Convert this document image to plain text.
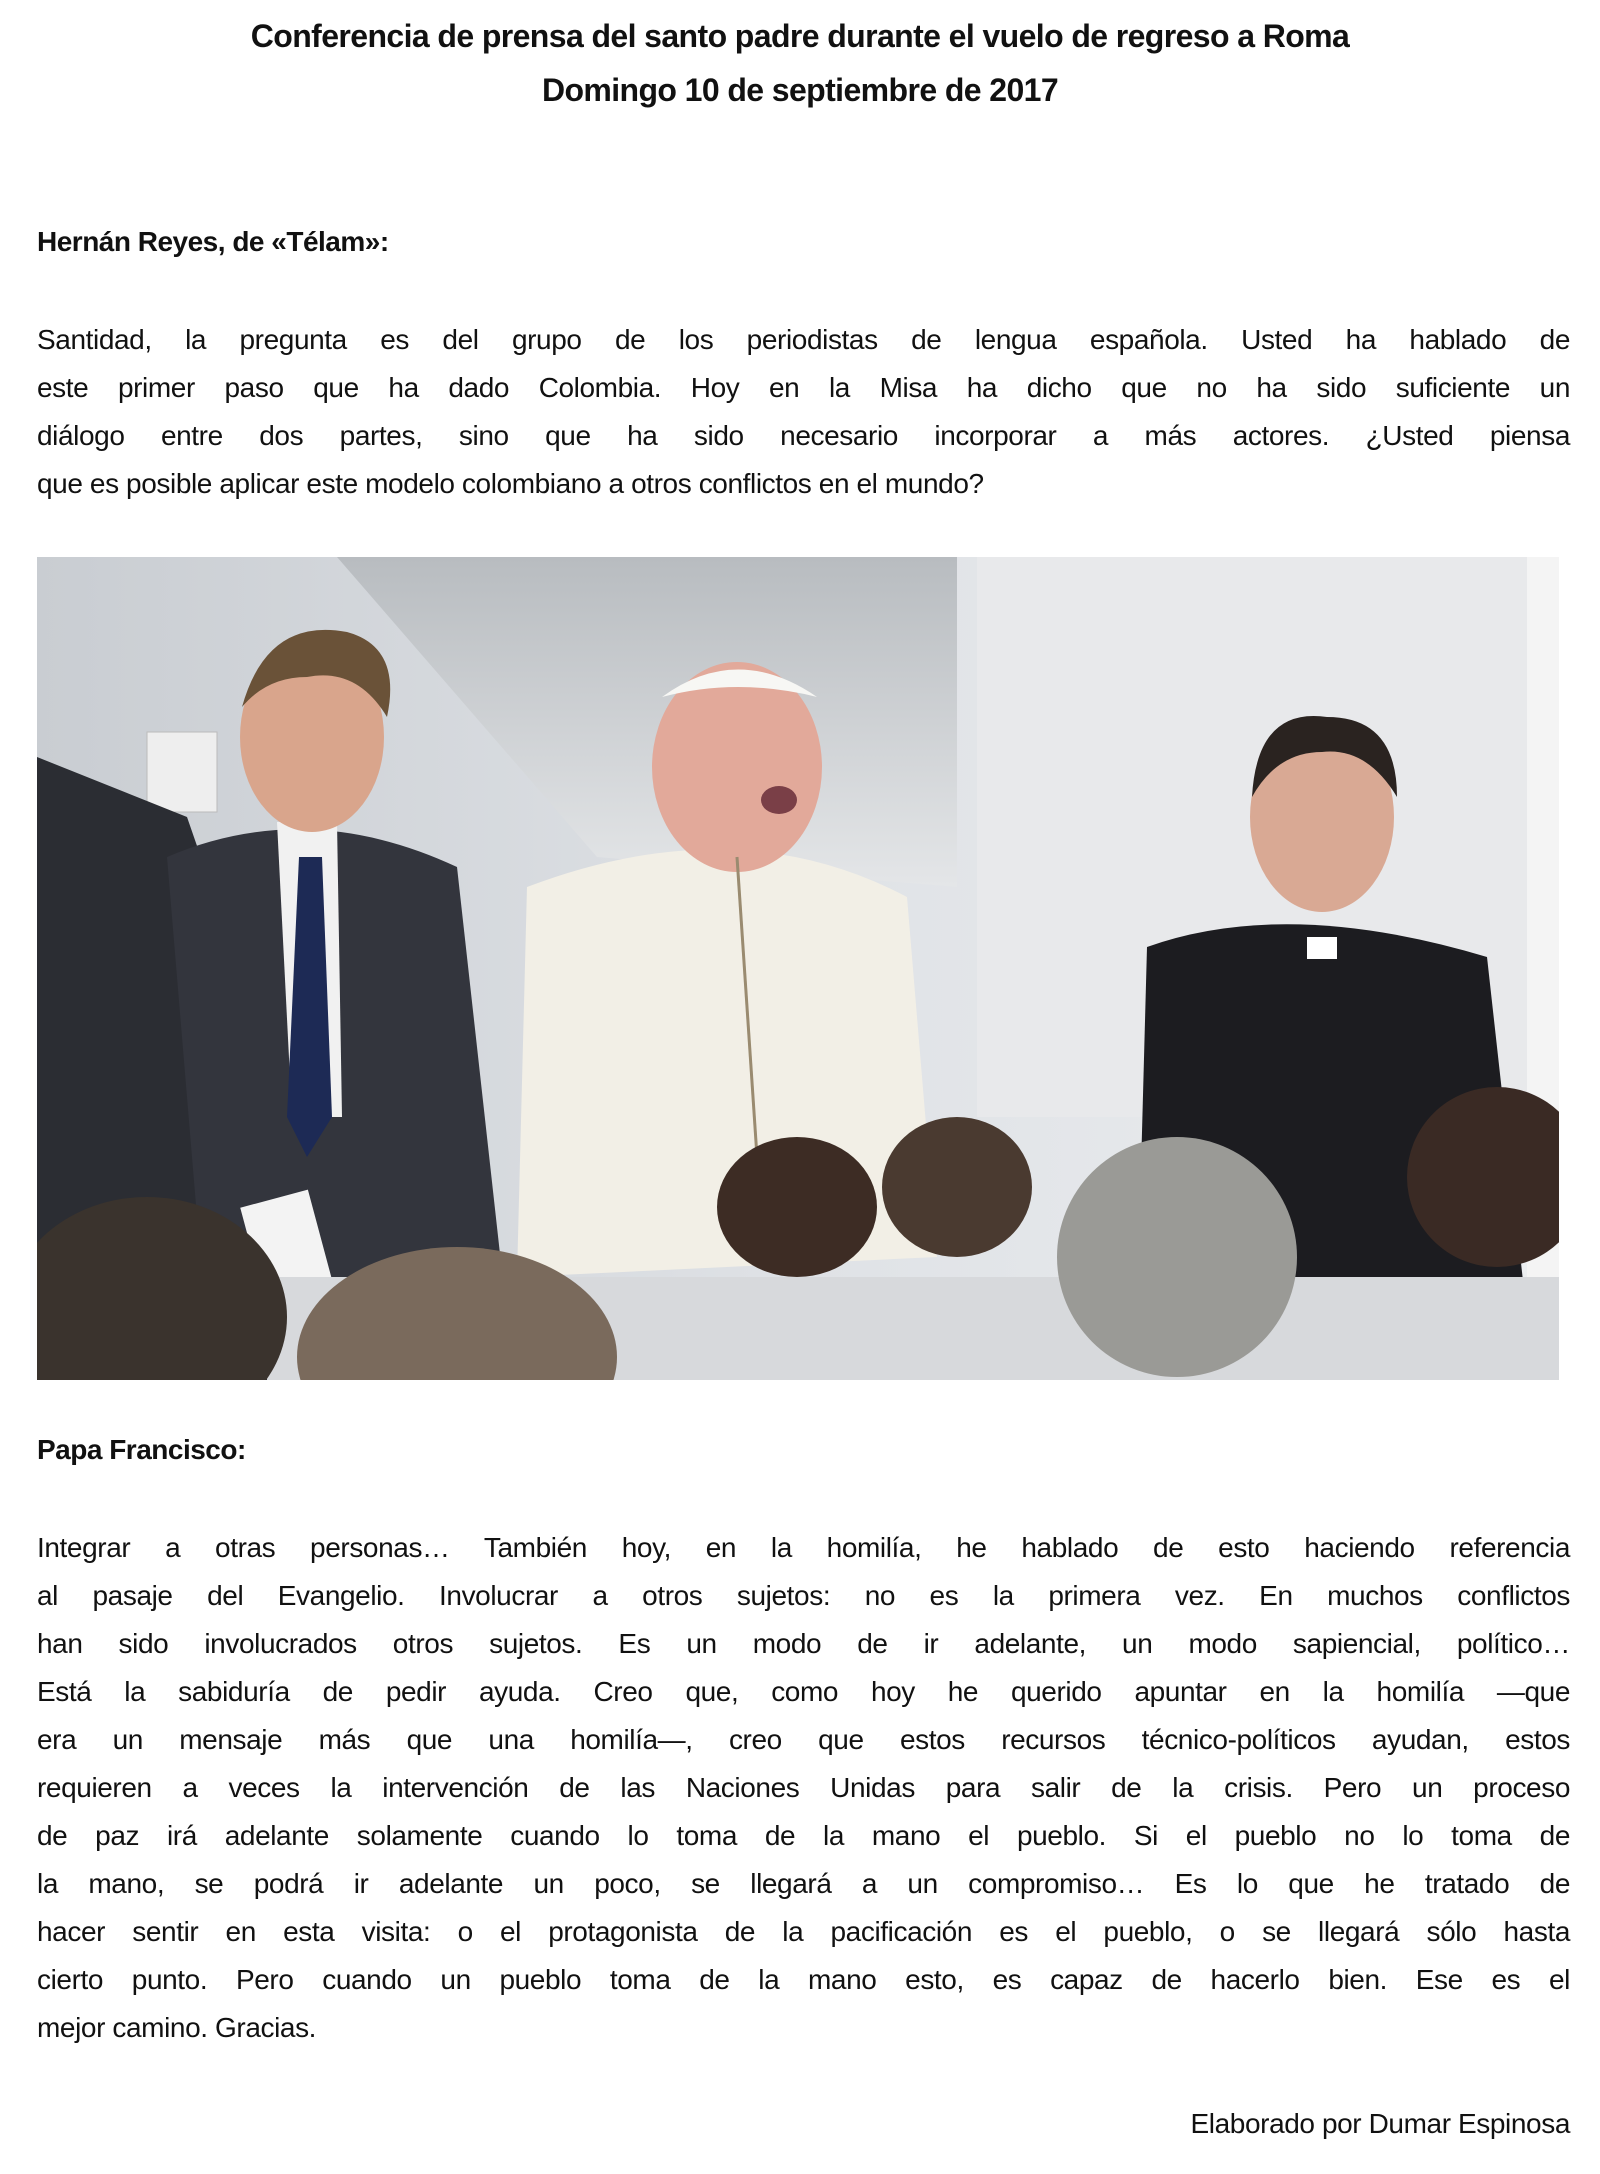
Conferencia de prensa del santo padre durante el vuelo de regreso a Roma
Domingo 10 de septiembre de 2017
Hernán Reyes, de «Télam»:
Santidad, la pregunta es del grupo de los periodistas de lengua española. Usted ha hablado de
este primer paso que ha dado Colombia. Hoy en la Misa ha dicho que no ha sido suficiente un
diálogo entre dos partes, sino que ha sido necesario incorporar a más actores. ¿Usted piensa
que es posible aplicar este modelo colombiano a otros conflictos en el mundo?
Papa Francisco:
Integrar a otras personas… También hoy, en la homilía, he hablado de esto haciendo referencia
al pasaje del Evangelio. Involucrar a otros sujetos: no es la primera vez. En muchos conflictos
han sido involucrados otros sujetos. Es un modo de ir adelante, un modo sapiencial, político…
Está la sabiduría de pedir ayuda. Creo que, como hoy he querido apuntar en la homilía —que
era un mensaje más que una homilía—, creo que estos recursos técnico-políticos ayudan, estos
requieren a veces la intervención de las Naciones Unidas para salir de la crisis. Pero un proceso
de paz irá adelante solamente cuando lo toma de la mano el pueblo. Si el pueblo no lo toma de
la mano, se podrá ir adelante un poco, se llegará a un compromiso… Es lo que he tratado de
hacer sentir en esta visita: o el protagonista de la pacificación es el pueblo, o se llegará sólo hasta
cierto punto. Pero cuando un pueblo toma de la mano esto, es capaz de hacerlo bien. Ese es el
mejor camino. Gracias.
Elaborado por Dumar Espinosa
